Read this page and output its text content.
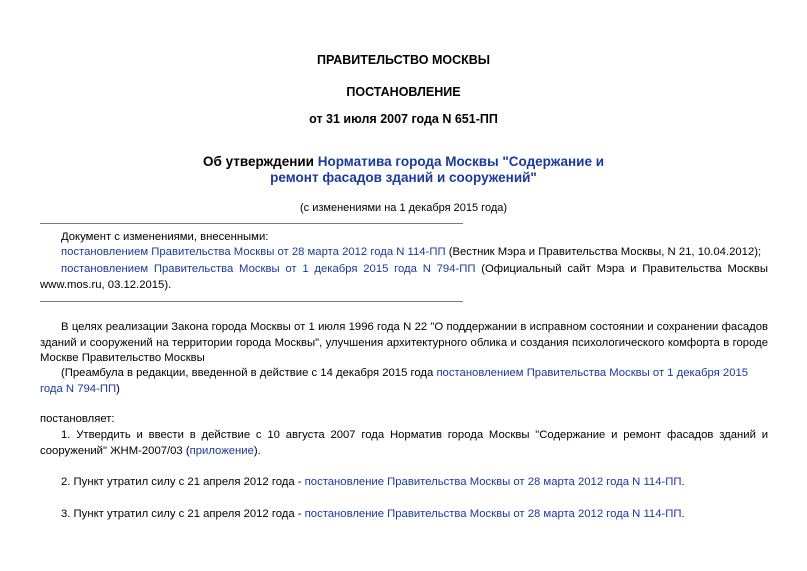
ПРАВИТЕЛЬСТВО МОСКВЫ
ПОСТАНОВЛЕНИЕ
от 31 июля 2007 года N 651-ПП
Об утверждении Норматива города Москвы "Содержание и
ремонт фасадов зданий и сооружений"
(с изменениями на 1 декабря 2015 года)
Документ с изменениями, внесенными:
постановлением Правительства Москвы от 28 марта 2012 года N 114-ПП (Вестник Мэра и Правительства Москвы, N 21, 10.04.2012);
постановлением Правительства Москвы от 1 декабря 2015 года N 794-ПП (Официальный сайт Мэра и Правительства Москвы www.mos.ru, 03.12.2015).
В целях реализации Закона города Москвы от 1 июля 1996 года N 22 "О поддержании в исправном состоянии и сохранении фасадов зданий и сооружений на территории города Москвы", улучшения архитектурного облика и создания психологического комфорта в городе Москве Правительство Москвы
(Преамбула в редакции, введенной в действие с 14 декабря 2015 года постановлением Правительства Москвы от 1 декабря 2015 года N 794-ПП)
постановляет:
1. Утвердить и ввести в действие с 10 августа 2007 года Норматив города Москвы "Содержание и ремонт фасадов зданий и сооружений" ЖНМ-2007/03 (приложение).
2. Пункт утратил силу с 21 апреля 2012 года - постановление Правительства Москвы от 28 марта 2012 года N 114-ПП.
3. Пункт утратил силу с 21 апреля 2012 года - постановление Правительства Москвы от 28 марта 2012 года N 114-ПП.
